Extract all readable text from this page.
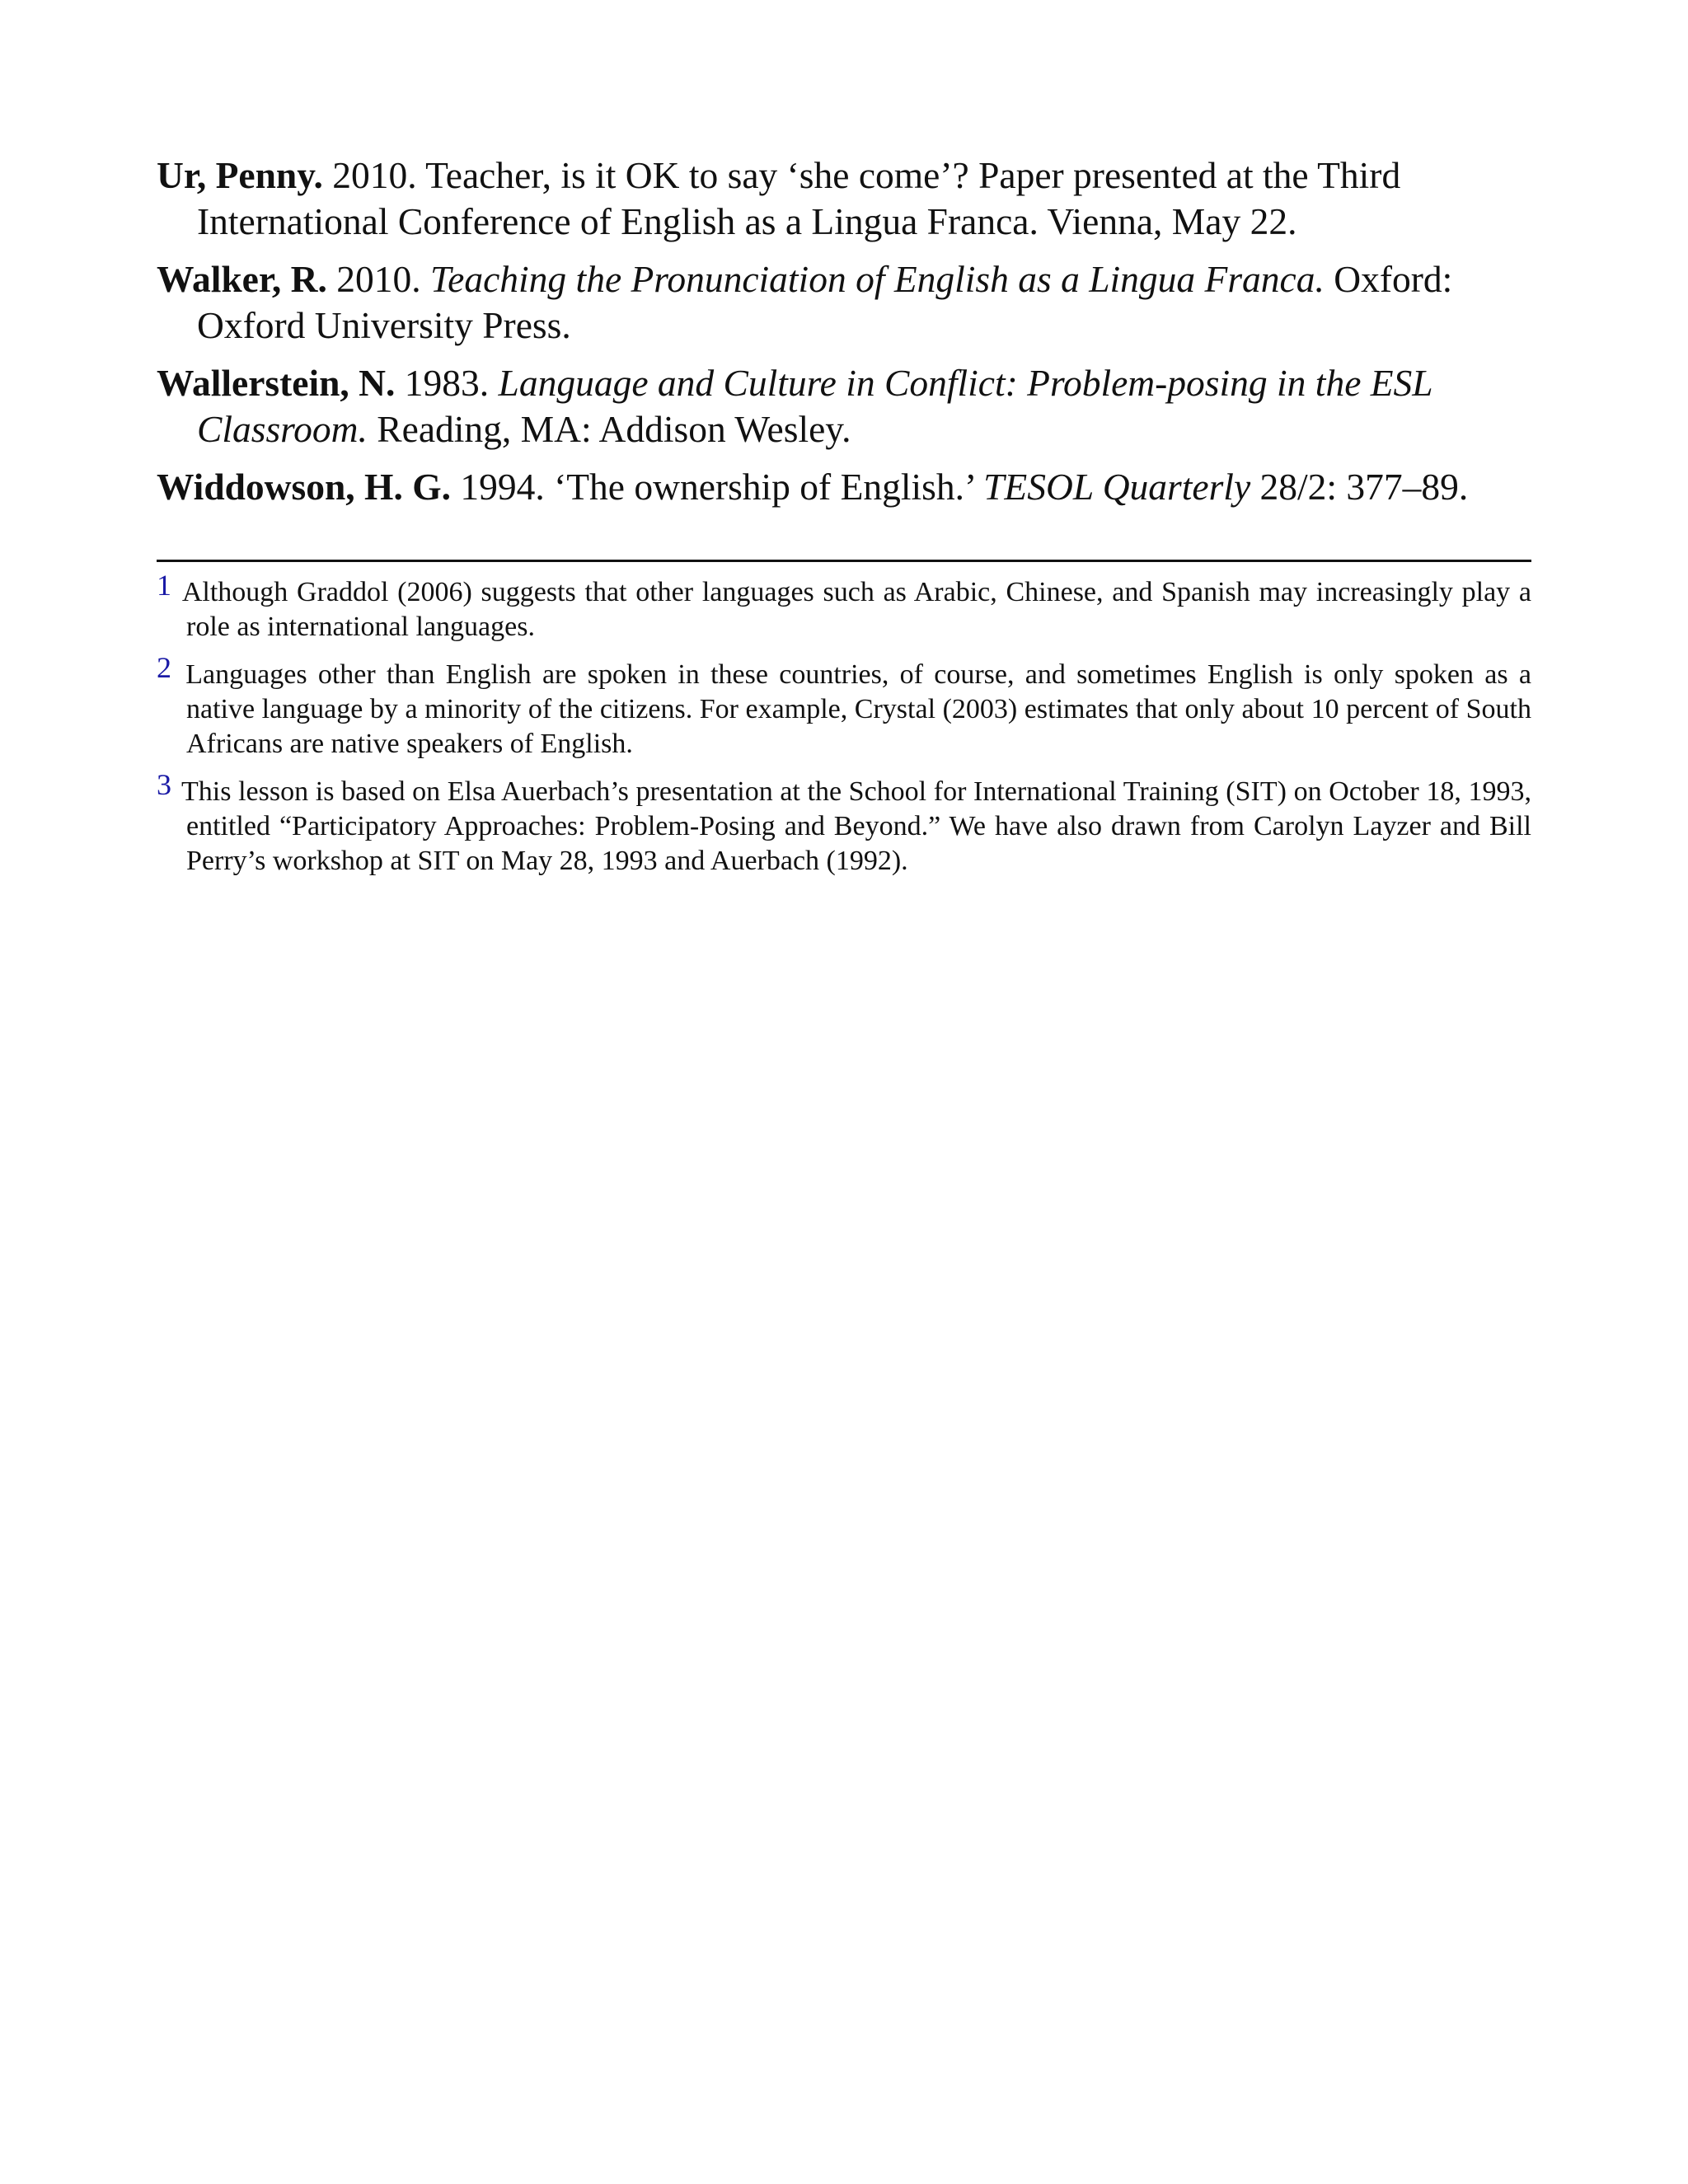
Ur, Penny. 2010. Teacher, is it OK to say ‘she come’? Paper presented at the Third International Conference of English as a Lingua Franca. Vienna, May 22.

Walker, R. 2010. Teaching the Pronunciation of English as a Lingua Franca. Oxford: Oxford University Press.

Wallerstein, N. 1983. Language and Culture in Conflict: Problem-posing in the ESL Classroom. Reading, MA: Addison Wesley.

Widdowson, H. G. 1994. ‘The ownership of English.’ TESOL Quarterly 28/2: 377–89.

1 Although Graddol (2006) suggests that other languages such as Arabic, Chinese, and Spanish may increasingly play a role as international languages.

2 Languages other than English are spoken in these countries, of course, and sometimes English is only spoken as a native language by a minority of the citizens. For example, Crystal (2003) estimates that only about 10 percent of South Africans are native speakers of English.

3 This lesson is based on Elsa Auerbach’s presentation at the School for International Training (SIT) on October 18, 1993, entitled “Participatory Approaches: Problem-Posing and Beyond.” We have also drawn from Carolyn Layzer and Bill Perry’s workshop at SIT on May 28, 1993 and Auerbach (1992).
